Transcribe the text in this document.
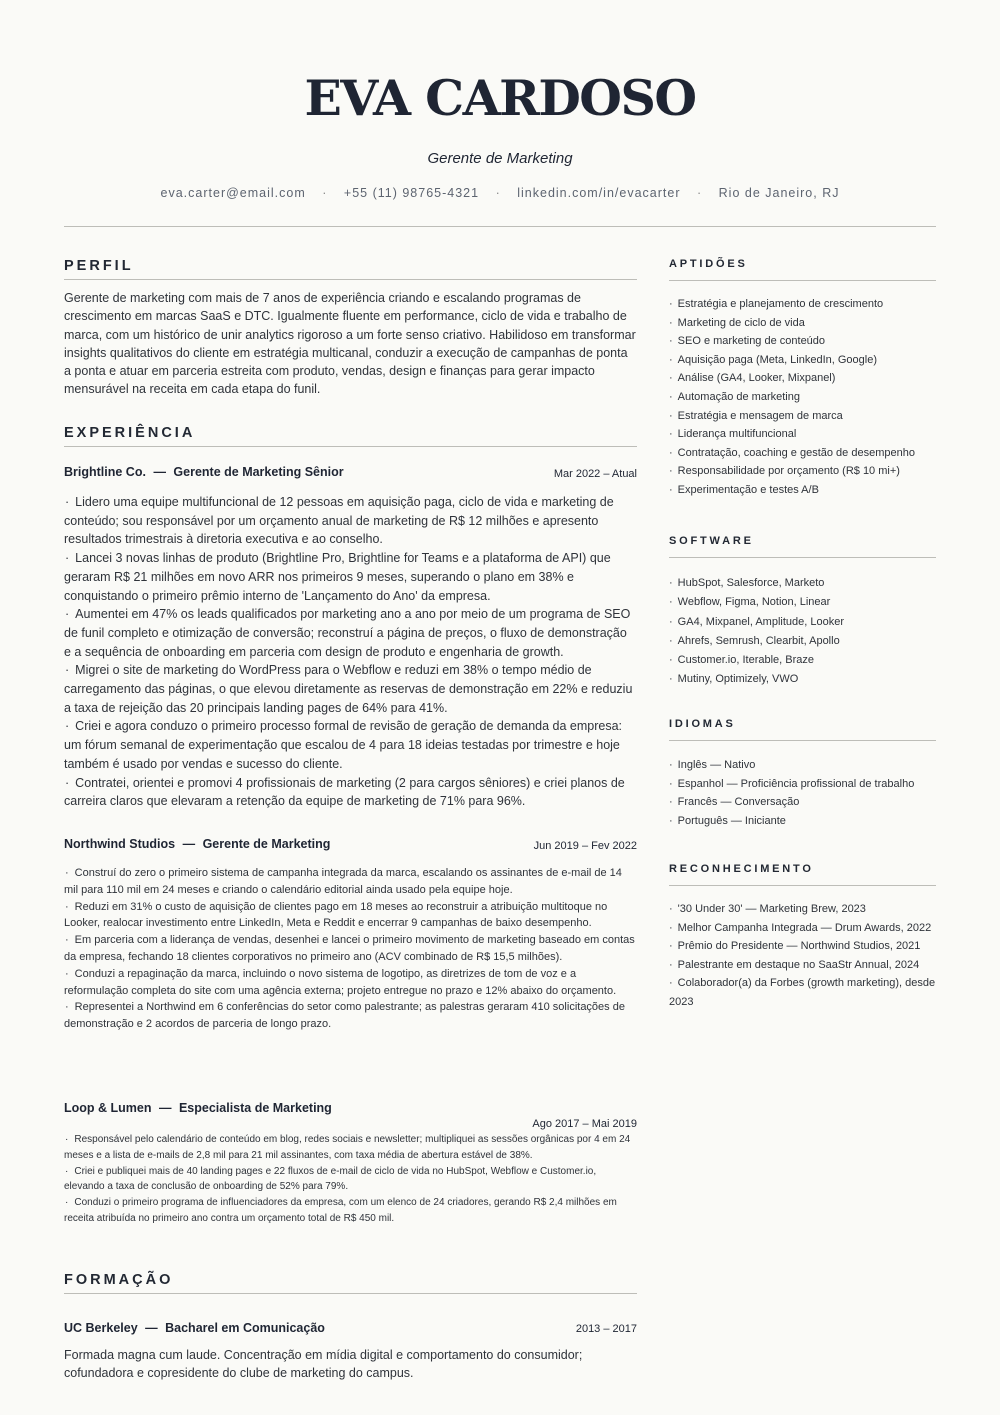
EVA CARDOSO
Gerente de Marketing
eva.carter@email.com · +55 (11) 98765-4321 · linkedin.com/in/evacarter · Rio de Janeiro, RJ
PERFIL
Gerente de marketing com mais de 7 anos de experiência criando e escalando programas de crescimento em marcas SaaS e DTC. Igualmente fluente em performance, ciclo de vida e trabalho de marca, com um histórico de unir analytics rigoroso a um forte senso criativo. Habilidoso em transformar insights qualitativos do cliente em estratégia multicanal, conduzir a execução de campanhas de ponta a ponta e atuar em parceria estreita com produto, vendas, design e finanças para gerar impacto mensurável na receita em cada etapa do funil.
EXPERIÊNCIA
Brightline Co. — Gerente de Marketing Sênior	Mar 2022 – Atual
· Lidero uma equipe multifuncional de 12 pessoas em aquisição paga, ciclo de vida e marketing de conteúdo; sou responsável por um orçamento anual de marketing de R$ 12 milhões e apresento resultados trimestrais à diretoria executiva e ao conselho.
· Lancei 3 novas linhas de produto (Brightline Pro, Brightline for Teams e a plataforma de API) que geraram R$ 21 milhões em novo ARR nos primeiros 9 meses, superando o plano em 38% e conquistando o primeiro prêmio interno de 'Lançamento do Ano' da empresa.
· Aumentei em 47% os leads qualificados por marketing ano a ano por meio de um programa de SEO de funil completo e otimização de conversão; reconstruí a página de preços, o fluxo de demonstração e a sequência de onboarding em parceria com design de produto e engenharia de growth.
· Migrei o site de marketing do WordPress para o Webflow e reduzi em 38% o tempo médio de carregamento das páginas, o que elevou diretamente as reservas de demonstração em 22% e reduziu a taxa de rejeição das 20 principais landing pages de 64% para 41%.
· Criei e agora conduzo o primeiro processo formal de revisão de geração de demanda da empresa: um fórum semanal de experimentação que escalou de 4 para 18 ideias testadas por trimestre e hoje também é usado por vendas e sucesso do cliente.
· Contratei, orientei e promovi 4 profissionais de marketing (2 para cargos sêniores) e criei planos de carreira claros que elevaram a retenção da equipe de marketing de 71% para 96%.
Northwind Studios — Gerente de Marketing	Jun 2019 – Fev 2022
· Construí do zero o primeiro sistema de campanha integrada da marca, escalando os assinantes de e-mail de 14 mil para 110 mil em 24 meses e criando o calendário editorial ainda usado pela equipe hoje.
· Reduzi em 31% o custo de aquisição de clientes pago em 18 meses ao reconstruir a atribuição multitoque no Looker, realocar investimento entre LinkedIn, Meta e Reddit e encerrar 9 campanhas de baixo desempenho.
· Em parceria com a liderança de vendas, desenhei e lancei o primeiro movimento de marketing baseado em contas da empresa, fechando 18 clientes corporativos no primeiro ano (ACV combinado de R$ 15,5 milhões).
· Conduzi a repaginação da marca, incluindo o novo sistema de logotipo, as diretrizes de tom de voz e a reformulação completa do site com uma agência externa; projeto entregue no prazo e 12% abaixo do orçamento.
· Representei a Northwind em 6 conferências do setor como palestrante; as palestras geraram 410 solicitações de demonstração e 2 acordos de parceria de longo prazo.
Loop & Lumen — Especialista de Marketing
Ago 2017 – Mai 2019
· Responsável pelo calendário de conteúdo em blog, redes sociais e newsletter; multipliquei as sessões orgânicas por 4 em 24 meses e a lista de e-mails de 2,8 mil para 21 mil assinantes, com taxa média de abertura estável de 38%.
· Criei e publiquei mais de 40 landing pages e 22 fluxos de e-mail de ciclo de vida no HubSpot, Webflow e Customer.io, elevando a taxa de conclusão de onboarding de 52% para 79%.
· Conduzi o primeiro programa de influenciadores da empresa, com um elenco de 24 criadores, gerando R$ 2,4 milhões em receita atribuída no primeiro ano contra um orçamento total de R$ 450 mil.
FORMAÇÃO
UC Berkeley — Bacharel em Comunicação	2013 – 2017
Formada magna cum laude. Concentração em mídia digital e comportamento do consumidor; cofundadora e copresidente do clube de marketing do campus.
APTIDÕES
· Estratégia e planejamento de crescimento
· Marketing de ciclo de vida
· SEO e marketing de conteúdo
· Aquisição paga (Meta, LinkedIn, Google)
· Análise (GA4, Looker, Mixpanel)
· Automação de marketing
· Estratégia e mensagem de marca
· Liderança multifuncional
· Contratação, coaching e gestão de desempenho
· Responsabilidade por orçamento (R$ 10 mi+)
· Experimentação e testes A/B
SOFTWARE
· HubSpot, Salesforce, Marketo
· Webflow, Figma, Notion, Linear
· GA4, Mixpanel, Amplitude, Looker
· Ahrefs, Semrush, Clearbit, Apollo
· Customer.io, Iterable, Braze
· Mutiny, Optimizely, VWO
IDIOMAS
· Inglês — Nativo
· Espanhol — Proficiência profissional de trabalho
· Francês — Conversação
· Português — Iniciante
RECONHECIMENTO
· '30 Under 30' — Marketing Brew, 2023
· Melhor Campanha Integrada — Drum Awards, 2022
· Prêmio do Presidente — Northwind Studios, 2021
· Palestrante em destaque no SaaStr Annual, 2024
· Colaborador(a) da Forbes (growth marketing), desde 2023
